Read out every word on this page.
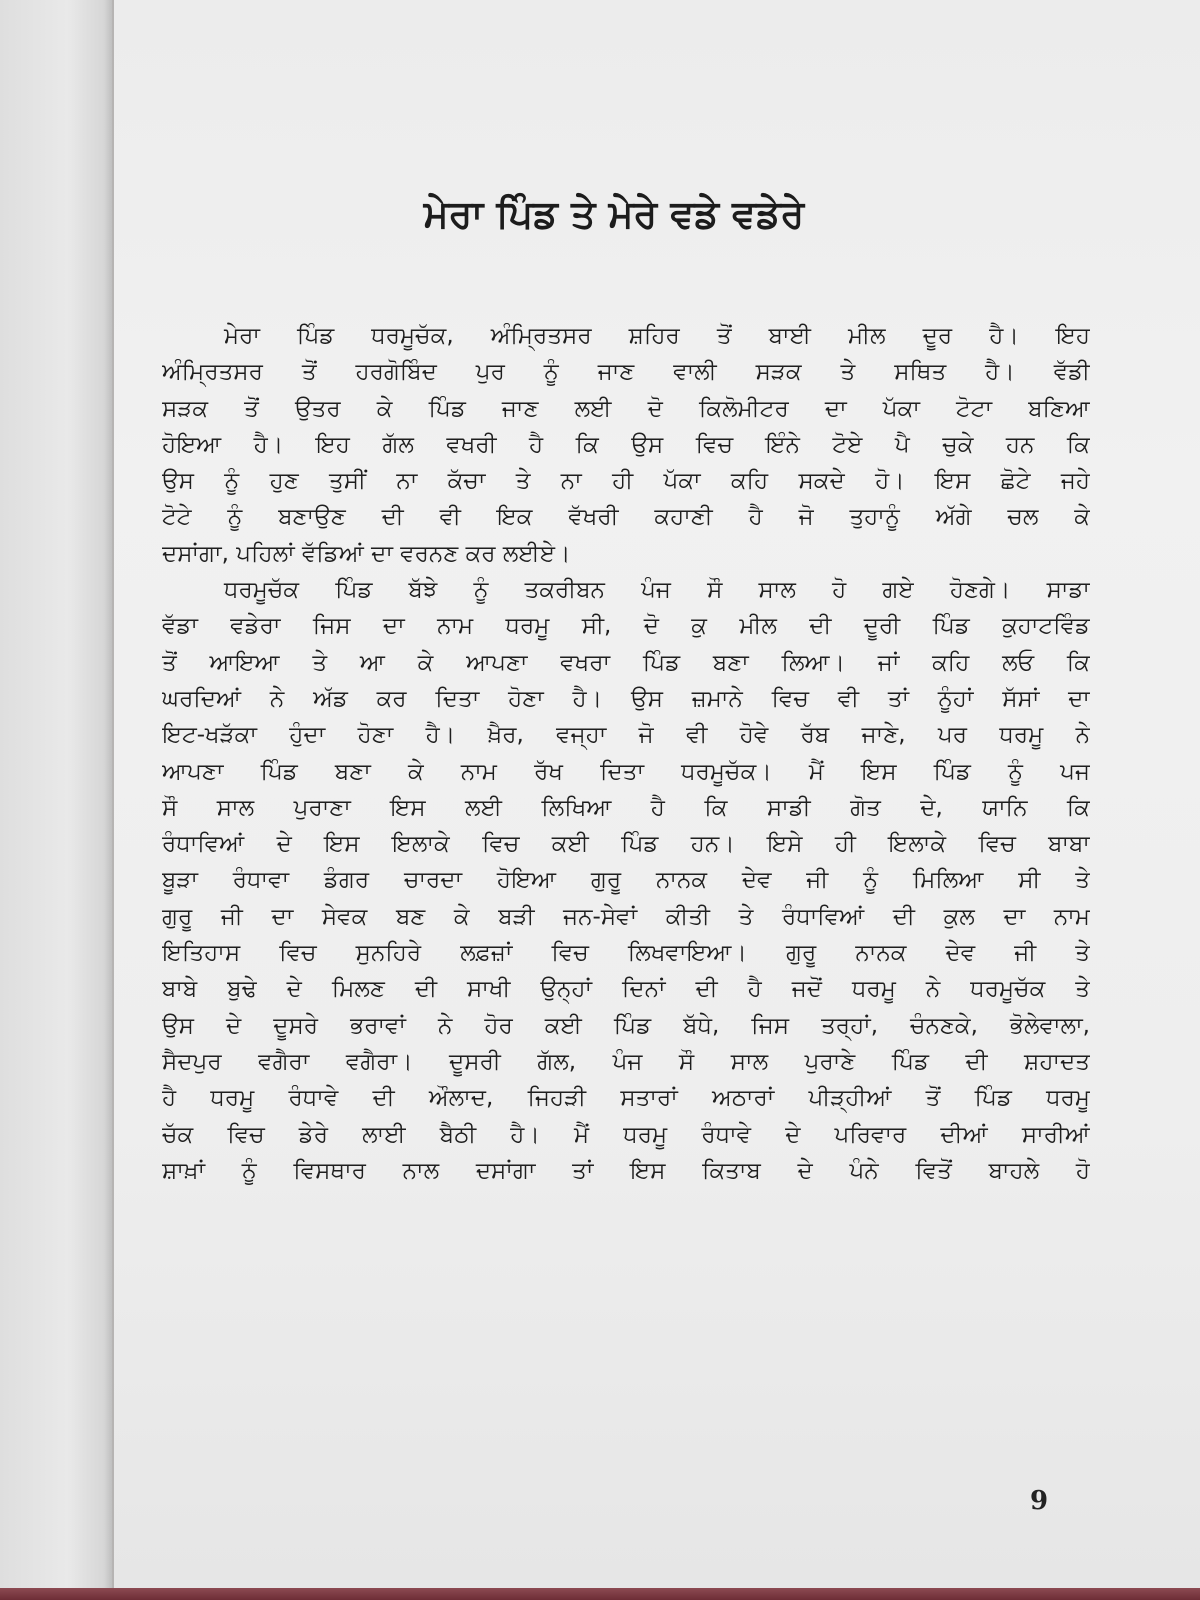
ਮੇਰਾ ਪਿੰਡ ਤੇ ਮੇਰੇ ਵਡੇ ਵਡੇਰੇ
ਮੇਰਾ ਪਿੰਡ ਧਰਮੂਚੱਕ, ਅੰਮ੍ਰਿਤਸਰ ਸ਼ਹਿਰ ਤੋਂ ਬਾਈ ਮੀਲ ਦੂਰ ਹੈ। ਇਹ
ਅੰਮ੍ਰਿਤਸਰ ਤੋਂ ਹਰਗੋਬਿੰਦ ਪੁਰ ਨੂੰ ਜਾਣ ਵਾਲੀ ਸੜਕ ਤੇ ਸਥਿਤ ਹੈ। ਵੱਡੀ
ਸੜਕ ਤੋਂ ਉਤਰ ਕੇ ਪਿੰਡ ਜਾਣ ਲਈ ਦੋ ਕਿਲੋਮੀਟਰ ਦਾ ਪੱਕਾ ਟੋਟਾ ਬਣਿਆ
ਹੋਇਆ ਹੈ। ਇਹ ਗੱਲ ਵਖਰੀ ਹੈ ਕਿ ਉਸ ਵਿਚ ਇੰਨੇ ਟੋਏ ਪੈ ਚੁਕੇ ਹਨ ਕਿ
ਉਸ ਨੂੰ ਹੁਣ ਤੁਸੀਂ ਨਾ ਕੱਚਾ ਤੇ ਨਾ ਹੀ ਪੱਕਾ ਕਹਿ ਸਕਦੇ ਹੋ। ਇਸ ਛੋਟੇ ਜਹੇ
ਟੋਟੇ ਨੂੰ ਬਣਾਉਣ ਦੀ ਵੀ ਇਕ ਵੱਖਰੀ ਕਹਾਣੀ ਹੈ ਜੋ ਤੁਹਾਨੂੰ ਅੱਗੇ ਚਲ ਕੇ
ਦਸਾਂਗਾ, ਪਹਿਲਾਂ ਵੱਡਿਆਂ ਦਾ ਵਰਨਣ ਕਰ ਲਈਏ।
ਧਰਮੂਚੱਕ ਪਿੰਡ ਬੱਝੇ ਨੂੰ ਤਕਰੀਬਨ ਪੰਜ ਸੌ ਸਾਲ ਹੋ ਗਏ ਹੋਣਗੇ। ਸਾਡਾ
ਵੱਡਾ ਵਡੇਰਾ ਜਿਸ ਦਾ ਨਾਮ ਧਰਮੂ ਸੀ, ਦੋ ਕੁ ਮੀਲ ਦੀ ਦੂਰੀ ਪਿੰਡ ਕੁਹਾਟਵਿੰਡ
ਤੋਂ ਆਇਆ ਤੇ ਆ ਕੇ ਆਪਣਾ ਵਖਰਾ ਪਿੰਡ ਬਣਾ ਲਿਆ। ਜਾਂ ਕਹਿ ਲਓ ਕਿ
ਘਰਦਿਆਂ ਨੇ ਅੱਡ ਕਰ ਦਿਤਾ ਹੋਣਾ ਹੈ। ਉਸ ਜ਼ਮਾਨੇ ਵਿਚ ਵੀ ਤਾਂ ਨੂੰਹਾਂ ਸੱਸਾਂ ਦਾ
ਇਟ-ਖੜੱਕਾ ਹੁੰਦਾ ਹੋਣਾ ਹੈ। ਖ਼ੈਰ, ਵਜ੍ਹਾ ਜੋ ਵੀ ਹੋਵੇ ਰੱਬ ਜਾਣੇ, ਪਰ ਧਰਮੂ ਨੇ
ਆਪਣਾ ਪਿੰਡ ਬਣਾ ਕੇ ਨਾਮ ਰੱਖ ਦਿਤਾ ਧਰਮੂਚੱਕ। ਮੈਂ ਇਸ ਪਿੰਡ ਨੂੰ ਪਜ
ਸੌ ਸਾਲ ਪੁਰਾਣਾ ਇਸ ਲਈ ਲਿਖਿਆ ਹੈ ਕਿ ਸਾਡੀ ਗੋਤ ਦੇ, ਯਾਨਿ ਕਿ
ਰੰਧਾਵਿਆਂ ਦੇ ਇਸ ਇਲਾਕੇ ਵਿਚ ਕਈ ਪਿੰਡ ਹਨ। ਇਸੇ ਹੀ ਇਲਾਕੇ ਵਿਚ ਬਾਬਾ
ਬੂੜਾ ਰੰਧਾਵਾ ਡੰਗਰ ਚਾਰਦਾ ਹੋਇਆ ਗੁਰੂ ਨਾਨਕ ਦੇਵ ਜੀ ਨੂੰ ਮਿਲਿਆ ਸੀ ਤੇ
ਗੁਰੂ ਜੀ ਦਾ ਸੇਵਕ ਬਣ ਕੇ ਬੜੀ ਜਨ-ਸੇਵਾਂ ਕੀਤੀ ਤੇ ਰੰਧਾਵਿਆਂ ਦੀ ਕੁਲ ਦਾ ਨਾਮ
ਇਤਿਹਾਸ ਵਿਚ ਸੁਨਹਿਰੇ ਲਫ਼ਜ਼ਾਂ ਵਿਚ ਲਿਖਵਾਇਆ। ਗੁਰੂ ਨਾਨਕ ਦੇਵ ਜੀ ਤੇ
ਬਾਬੇ ਬੁਢੇ ਦੇ ਮਿਲਣ ਦੀ ਸਾਖੀ ਉਨ੍ਹਾਂ ਦਿਨਾਂ ਦੀ ਹੈ ਜਦੋਂ ਧਰਮੂ ਨੇ ਧਰਮੂਚੱਕ ਤੇ
ਉਸ ਦੇ ਦੂਸਰੇ ਭਰਾਵਾਂ ਨੇ ਹੋਰ ਕਈ ਪਿੰਡ ਬੱਧੇ, ਜਿਸ ਤਰ੍ਹਾਂ, ਚੰਨਣਕੇ, ਭੋਲੇਵਾਲਾ,
ਸੈਦਪੁਰ ਵਗੈਰਾ ਵਗੈਰਾ। ਦੂਸਰੀ ਗੱਲ, ਪੰਜ ਸੌ ਸਾਲ ਪੁਰਾਣੇ ਪਿੰਡ ਦੀ ਸ਼ਹਾਦਤ
ਹੈ ਧਰਮੂ ਰੰਧਾਵੇ ਦੀ ਔਲਾਦ, ਜਿਹੜੀ ਸਤਾਰਾਂ ਅਠਾਰਾਂ ਪੀੜ੍ਹੀਆਂ ਤੋਂ ਪਿੰਡ ਧਰਮੂ
ਚੱਕ ਵਿਚ ਡੇਰੇ ਲਾਈ ਬੈਠੀ ਹੈ। ਮੈਂ ਧਰਮੂ ਰੰਧਾਵੇ ਦੇ ਪਰਿਵਾਰ ਦੀਆਂ ਸਾਰੀਆਂ
ਸ਼ਾਖ਼ਾਂ ਨੂੰ ਵਿਸਥਾਰ ਨਾਲ ਦਸਾਂਗਾ ਤਾਂ ਇਸ ਕਿਤਾਬ ਦੇ ਪੰਨੇ ਵਿਤੋਂ ਬਾਹਲੇ ਹੋ
9
